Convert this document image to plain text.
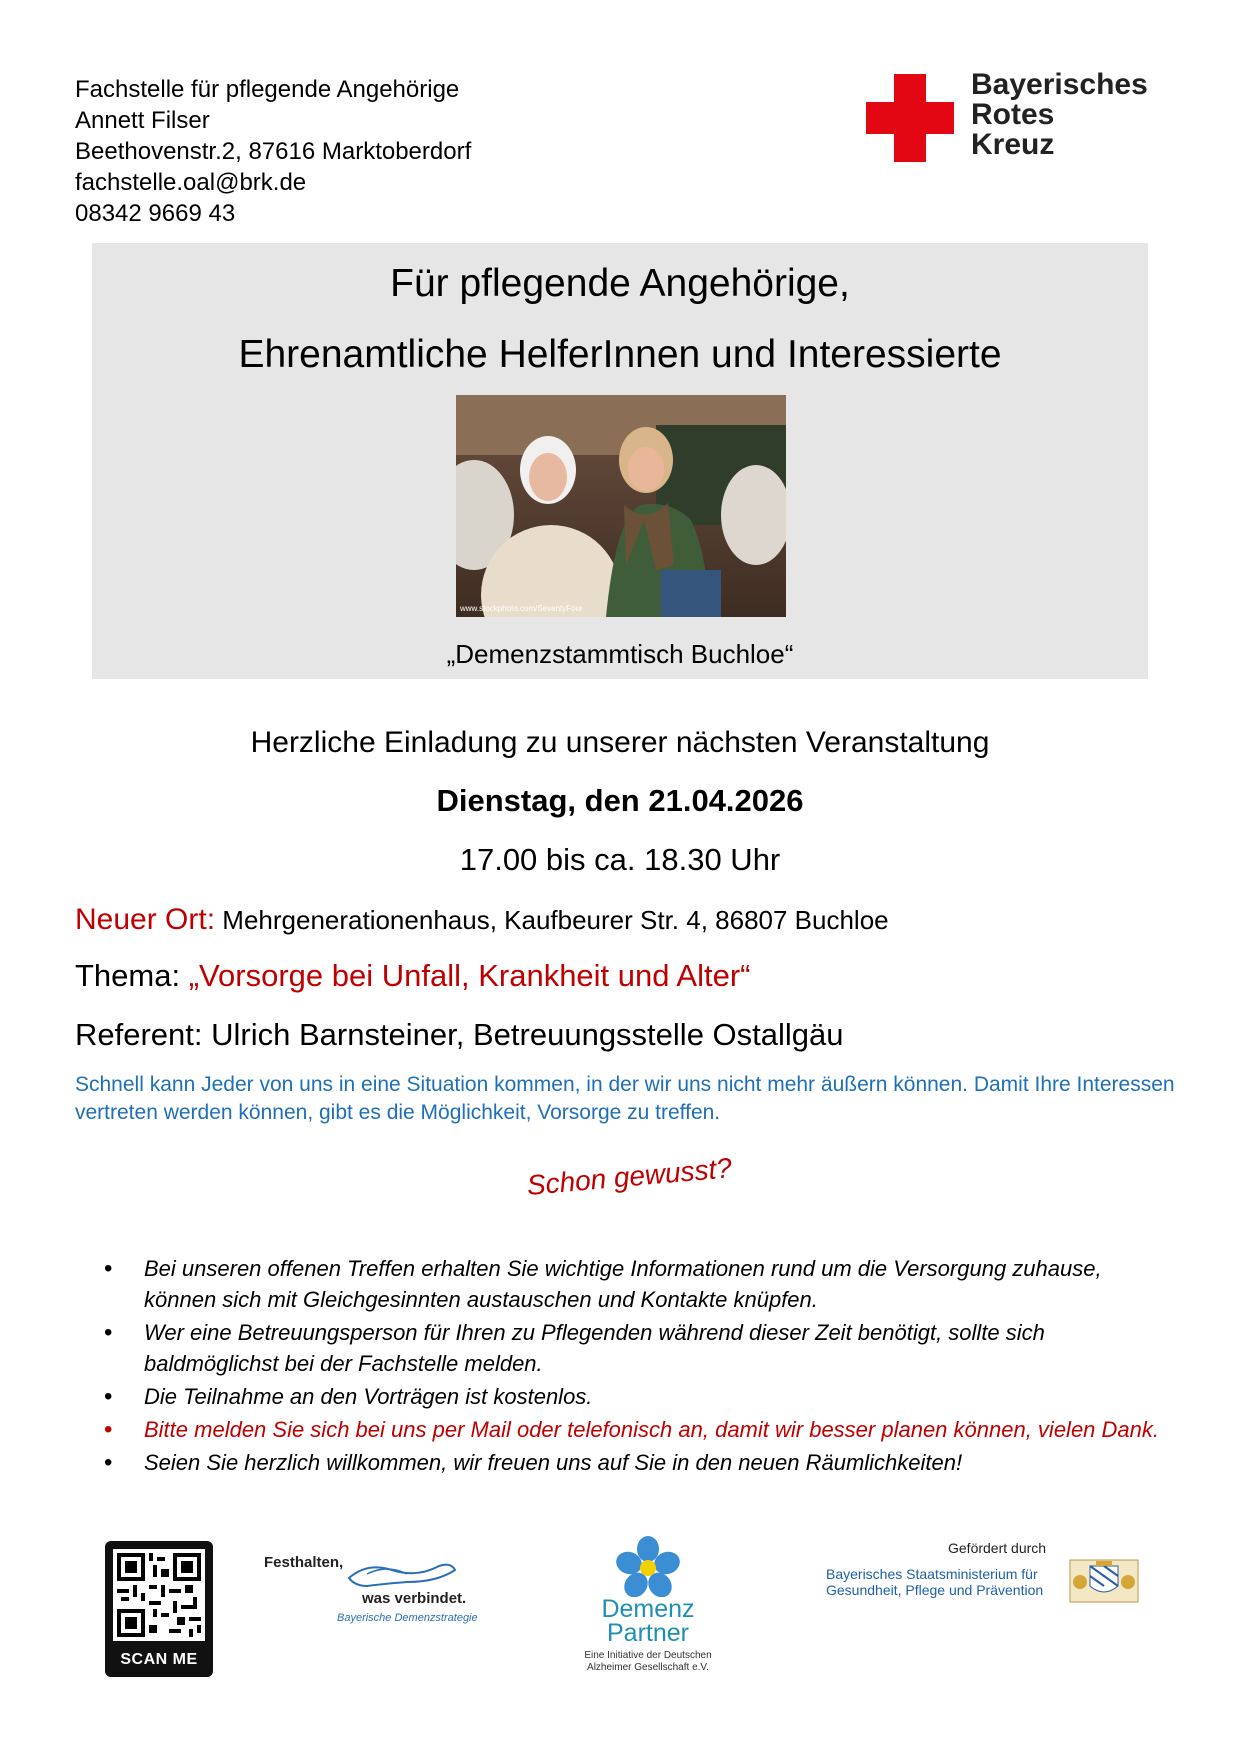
Fachstelle für pflegende Angehörige
Annett Filser
Beethovenstr.2, 87616 Marktoberdorf
fachstelle.oal@brk.de
08342 9669 43
Bayerisches
Rotes
Kreuz
Für pflegende Angehörige,
Ehrenamtliche HelferInnen und Interessierte
www.stockphoto.com/SeventyFour
„Demenzstammtisch Buchloe“
Herzliche Einladung zu unserer nächsten Veranstaltung
Dienstag, den 21.04.2026
17.00 bis ca. 18.30 Uhr
Neuer Ort: Mehrgenerationenhaus, Kaufbeurer Str. 4, 86807 Buchloe
Thema: „Vorsorge bei Unfall, Krankheit und Alter“
Referent: Ulrich Barnsteiner, Betreuungsstelle Ostallgäu
Schnell kann Jeder von uns in eine Situation kommen, in der wir uns nicht mehr äußern können. Damit Ihre Interessen vertreten werden können, gibt es die Möglichkeit, Vorsorge zu treffen.
Schon gewusst?
• Bei unseren offenen Treffen erhalten Sie wichtige Informationen rund um die Versorgung zuhause, können sich mit Gleichgesinnten austauschen und Kontakte knüpfen.
• Wer eine Betreuungsperson für Ihren zu Pflegenden während dieser Zeit benötigt, sollte sich baldmöglichst bei der Fachstelle melden.
• Die Teilnahme an den Vorträgen ist kostenlos.
• Bitte melden Sie sich bei uns per Mail oder telefonisch an, damit wir besser planen können, vielen Dank.
• Seien Sie herzlich willkommen, wir freuen uns auf Sie in den neuen Räumlichkeiten!
SCAN ME
Festhalten,
was verbindet.
Bayerische Demenzstrategie	Demenz
Partner
Eine Initiative der Deutschen
Alzheimer Gesellschaft e.V.
Gefördert durch
Bayerisches Staatsministerium für
Gesundheit, Pflege und Prävention
